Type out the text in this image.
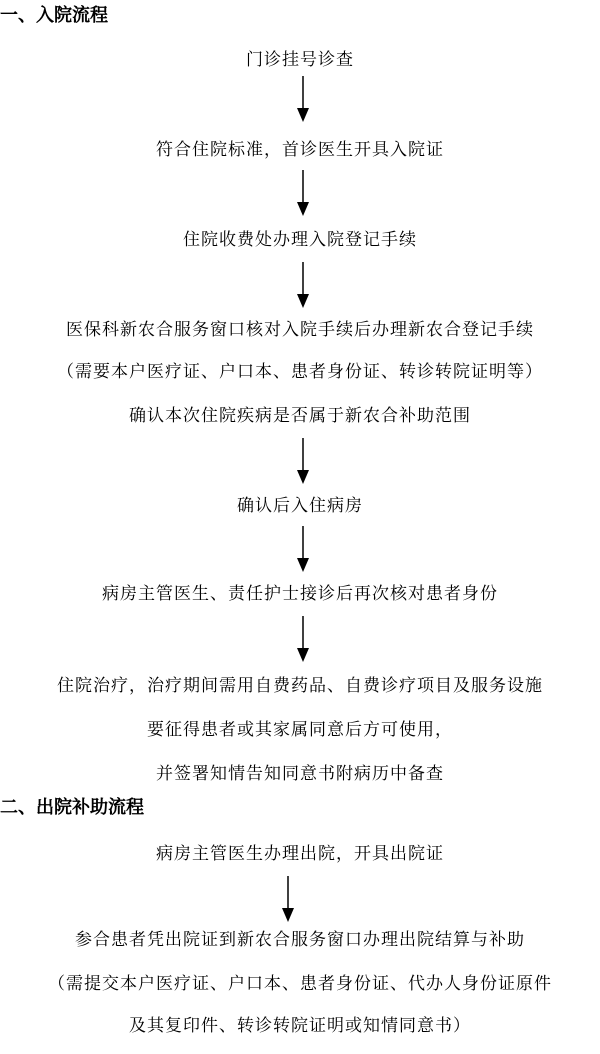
一、入院流程
门诊挂号诊查
符合住院标准，首诊医生开具入院证
住院收费处办理入院登记手续
医保科新农合服务窗口核对入院手续后办理新农合登记手续
（需要本户医疗证、户口本、患者身份证、转诊转院证明等）
确认本次住院疾病是否属于新农合补助范围
确认后入住病房
病房主管医生、责任护士接诊后再次核对患者身份
住院治疗，治疗期间需用自费药品、自费诊疗项目及服务设施
要征得患者或其家属同意后方可使用，
并签署知情告知同意书附病历中备查
二、出院补助流程
病房主管医生办理出院，开具出院证
参合患者凭出院证到新农合服务窗口办理出院结算与补助
（需提交本户医疗证、户口本、患者身份证、代办人身份证原件
及其复印件、转诊转院证明或知情同意书）
